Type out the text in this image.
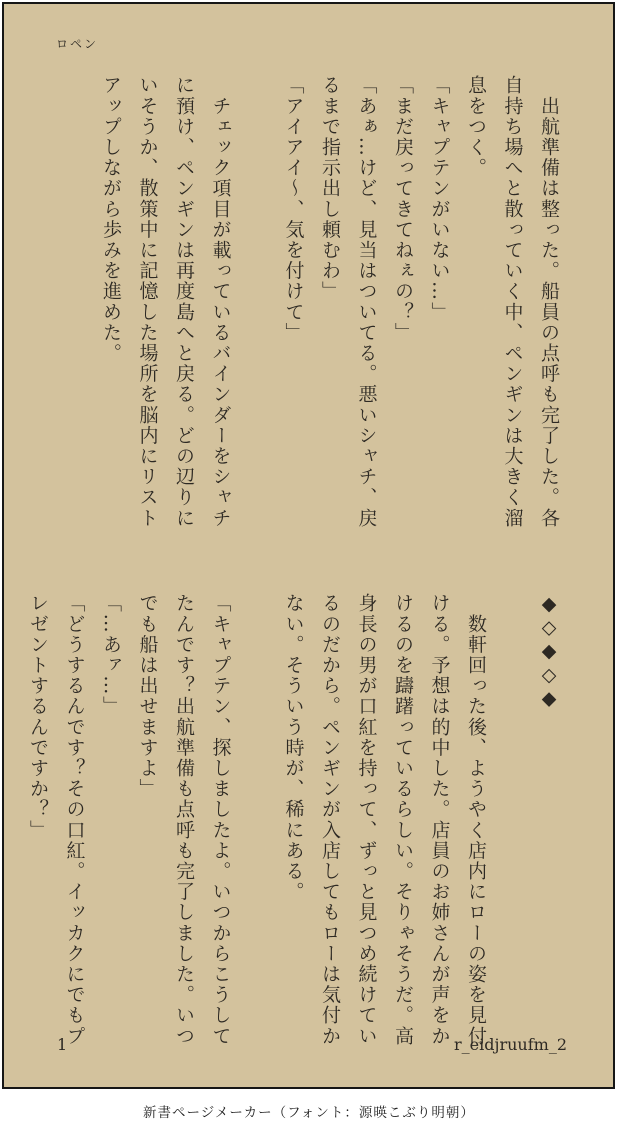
ロペン
　出航準備は整った。船員の点呼も完了した。各
自持ち場へと散っていく中、ペンギンは大きく溜
息をつく。
「キャプテンがいない…」
「まだ戻ってきてねぇの？」
「あぁ…けど、見当はついてる。悪いシャチ、戻
るまで指示出し頼むわ」
「アイアイ～、気を付けて」

　チェック項目が載っているバインダーをシャチ
に預け、ペンギンは再度島へと戻る。どの辺りに
いそうか、散策中に記憶した場所を脳内にリスト
アップしながら歩みを進めた。
◆◇◆◇◆

　数軒回った後、ようやく店内にローの姿を見付
ける。予想は的中した。店員のお姉さんが声をか
けるのを躊躇っているらしい。そりゃそうだ。高
身長の男が口紅を持って、ずっと見つめ続けてい
るのだから。ペンギンが入店してもローは気付か
ない。そういう時が、稀にある。

「キャプテン、探しましたよ。いつからこうして
たんです？出航準備も点呼も完了しました。いつ
でも船は出せますよ」
「…あァ…」
「どうするんです？その口紅。イッカクにでもプ
レゼントするんですか？」
1	r_eidjruufm_2
新書ページメーカー（フォント：源暎こぶり明朝）
